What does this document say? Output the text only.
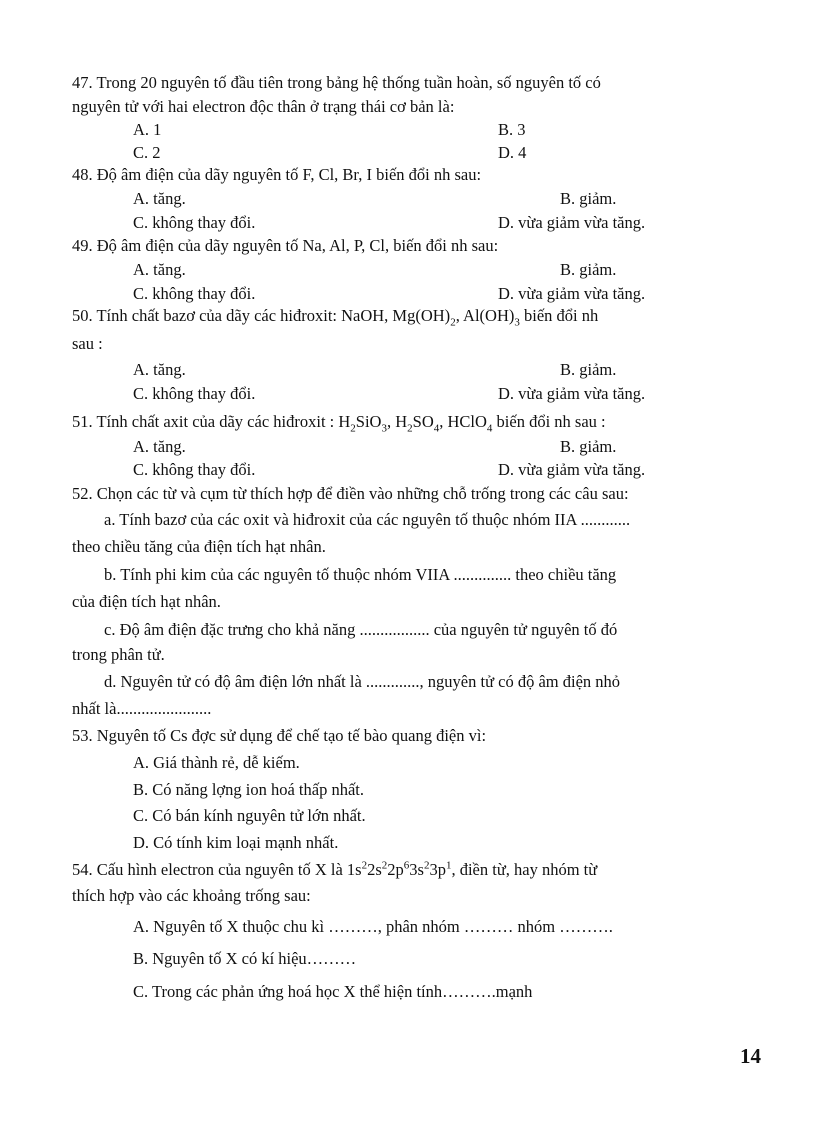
47. Trong 20 nguyên tố đầu tiên trong bảng hệ thống tuần hoàn, số nguyên tố có
nguyên tử với hai electron độc thân ở trạng thái cơ bản là:
A. 1	B. 3
C. 2	D. 4
48. Độ âm điện của dãy nguyên tố F, Cl, Br, I biến đổi nh sau:
A. tăng.	B. giảm.
C. không thay đổi.	D. vừa giảm vừa tăng.
49. Độ âm điện của dãy nguyên tố Na, Al, P, Cl, biến đổi nh sau:
A. tăng.	B. giảm.
C. không thay đổi.	D. vừa giảm vừa tăng.
50. Tính chất bazơ của dãy các hiđroxit: NaOH, $Mg(OH)_2$, $Al(OH)_3$ biến đổi nh
sau :
A. tăng.	B. giảm.
C. không thay đổi.	D. vừa giảm vừa tăng.
51. Tính chất axit của dãy các hiđroxit : $H_2SiO_3$, $H_2SO_4$, HClO$_4$ biến đổi nh sau :
A. tăng.	B. giảm.
C. không thay đổi.	D. vừa giảm vừa tăng.
52. Chọn các từ và cụm từ thích hợp để điền vào những chỗ trống trong các câu sau:
a. Tính bazơ của các oxit và hiđroxit của các nguyên tố thuộc nhóm IIA ............
theo chiều tăng của điện tích hạt nhân.
b. Tính phi kim của các nguyên tố thuộc nhóm VIIA .............. theo chiều tăng
của điện tích hạt nhân.
c. Độ âm điện đặc trưng cho khả năng ................. của nguyên tử nguyên tố đó
trong phân tử.
d. Nguyên tử có độ âm điện lớn nhất là ............., nguyên tử có độ âm điện nhỏ
nhất là.......................
53. Nguyên tố Cs đợc sử dụng để chế tạo tế bào quang điện vì:
A. Giá thành rẻ, dễ kiếm.
B. Có năng lợng ion hoá thấp nhất.
C. Có bán kính nguyên tử lớn nhất.
D. Có tính kim loại mạnh nhất.
54. Cấu hình electron của nguyên tố X là $1s^22s^22p^63s^23p^1$, điền từ, hay nhóm từ
thích hợp vào các khoảng trống sau:
A. Nguyên tố X thuộc chu kì ………, phân nhóm ……… nhóm ……….
B. Nguyên tố X có kí hiệu………
C. Trong các phản ứng hoá học X thể hiện tính……….mạnh
14
